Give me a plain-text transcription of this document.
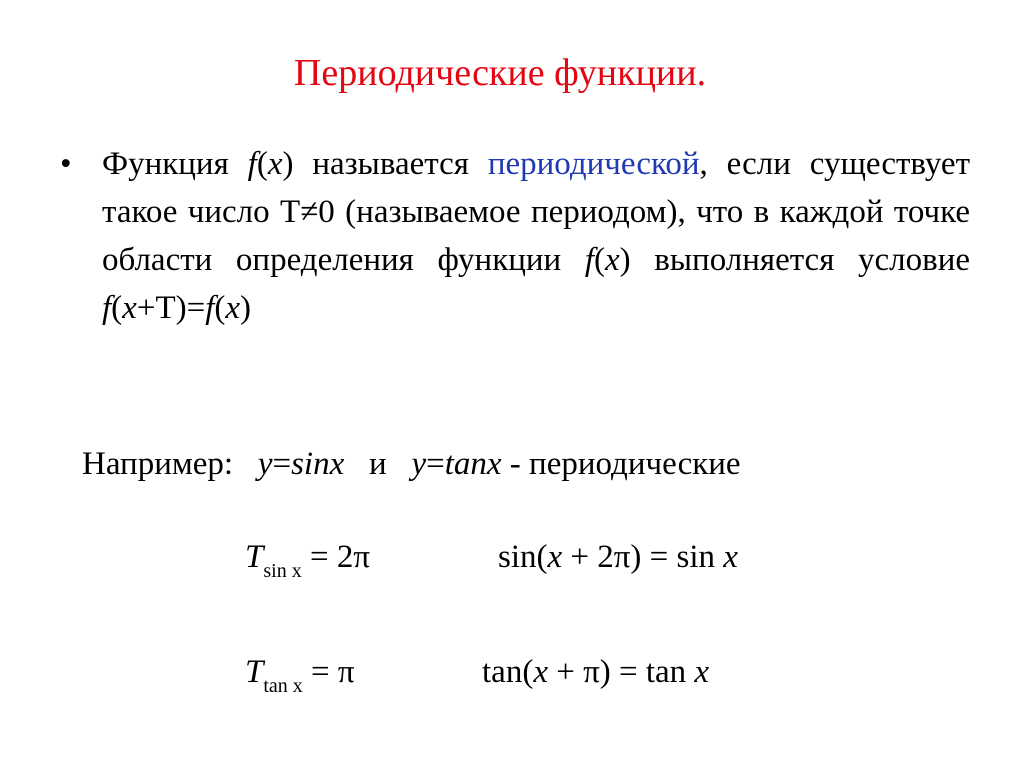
Периодические функции.
• Функция f(x) называется периодической, если существует такое число Т≠0 (называемое периодом), что в каждой точке области определения функции f(x) выполняется условие f(x+Т)=f(x)
Например:   y=sinx   и   y=tanx - периодические
$T_{sin x} = 2\pi$	sin(x + 2π) = sin x
$T_{tan x} = \pi$	tan(x + π) = tan x
